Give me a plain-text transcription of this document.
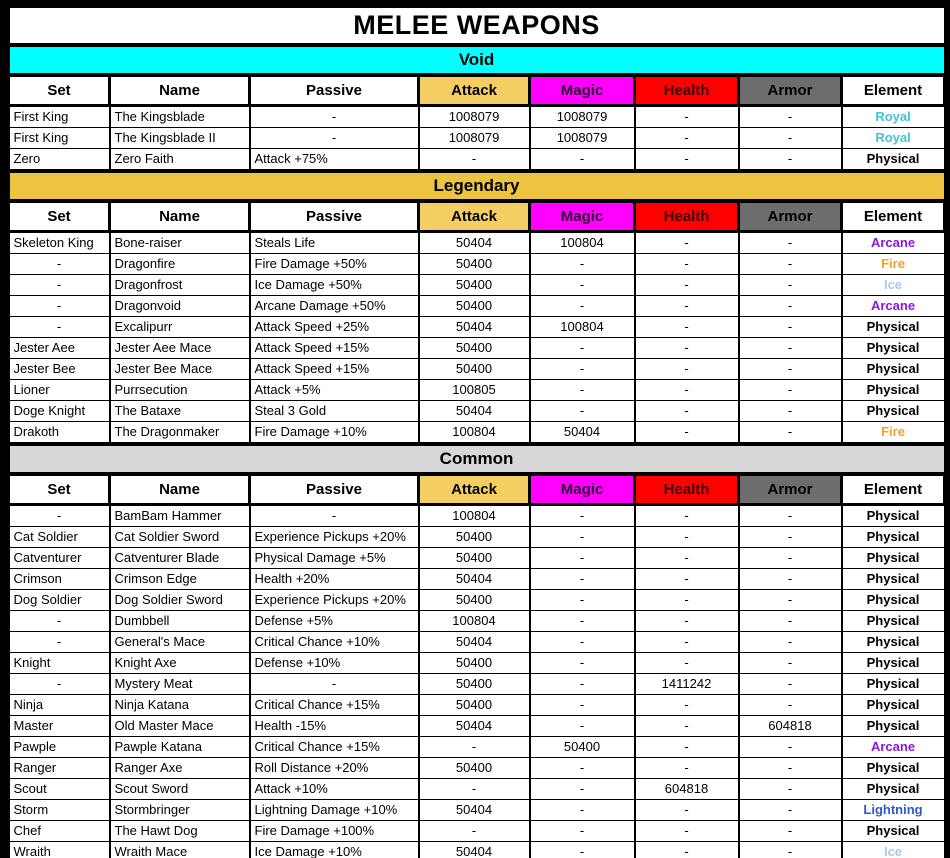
MELEE WEAPONS							
Void							
Set	Name	Passive	Attack	Magic	Health	Armor	Element
First King	The Kingsblade	-	1008079	1008079	-	-	Royal
First King	The Kingsblade II	-	1008079	1008079	-	-	Royal
Zero	Zero Faith	Attack +75%	-	-	-	-	Physical
Legendary							
Set	Name	Passive	Attack	Magic	Health	Armor	Element
Skeleton King	Bone-raiser	Steals Life	50404	100804	-	-	Arcane
-	Dragonfire	Fire Damage +50%	50400	-	-	-	Fire
-	Dragonfrost	Ice Damage +50%	50400	-	-	-	Ice
-	Dragonvoid	Arcane Damage +50%	50400	-	-	-	Arcane
-	Excalipurr	Attack Speed +25%	50404	100804	-	-	Physical
Jester Aee	Jester Aee Mace	Attack Speed +15%	50400	-	-	-	Physical
Jester Bee	Jester Bee Mace	Attack Speed +15%	50400	-	-	-	Physical
Lioner	Purrsecution	Attack +5%	100805	-	-	-	Physical
Doge Knight	The Bataxe	Steal 3 Gold	50404	-	-	-	Physical
Drakoth	The Dragonmaker	Fire Damage +10%	100804	50404	-	-	Fire
Common							
Set	Name	Passive	Attack	Magic	Health	Armor	Element
-	BamBam Hammer	-	100804	-	-	-	Physical
Cat Soldier	Cat Soldier Sword	Experience Pickups +20%	50400	-	-	-	Physical
Catventurer	Catventurer Blade	Physical Damage +5%	50400	-	-	-	Physical
Crimson	Crimson Edge	Health +20%	50404	-	-	-	Physical
Dog Soldier	Dog Soldier Sword	Experience Pickups +20%	50400	-	-	-	Physical
-	Dumbbell	Defense +5%	100804	-	-	-	Physical
-	General's Mace	Critical Chance +10%	50404	-	-	-	Physical
Knight	Knight Axe	Defense +10%	50400	-	-	-	Physical
-	Mystery Meat	-	50400	-	1411242	-	Physical
Ninja	Ninja Katana	Critical Chance +15%	50400	-	-	-	Physical
Master	Old Master Mace	Health -15%	50404	-	-	604818	Physical
Pawple	Pawple Katana	Critical Chance +15%	-	50400	-	-	Arcane
Ranger	Ranger Axe	Roll Distance +20%	50400	-	-	-	Physical
Scout	Scout Sword	Attack +10%	-	-	604818	-	Physical
Storm	Stormbringer	Lightning Damage +10%	50404	-	-	-	Lightning
Chef	The Hawt Dog	Fire Damage +100%	-	-	-	-	Physical
Wraith	Wraith Mace	Ice Damage +10%	50404	-	-	-	Ice
